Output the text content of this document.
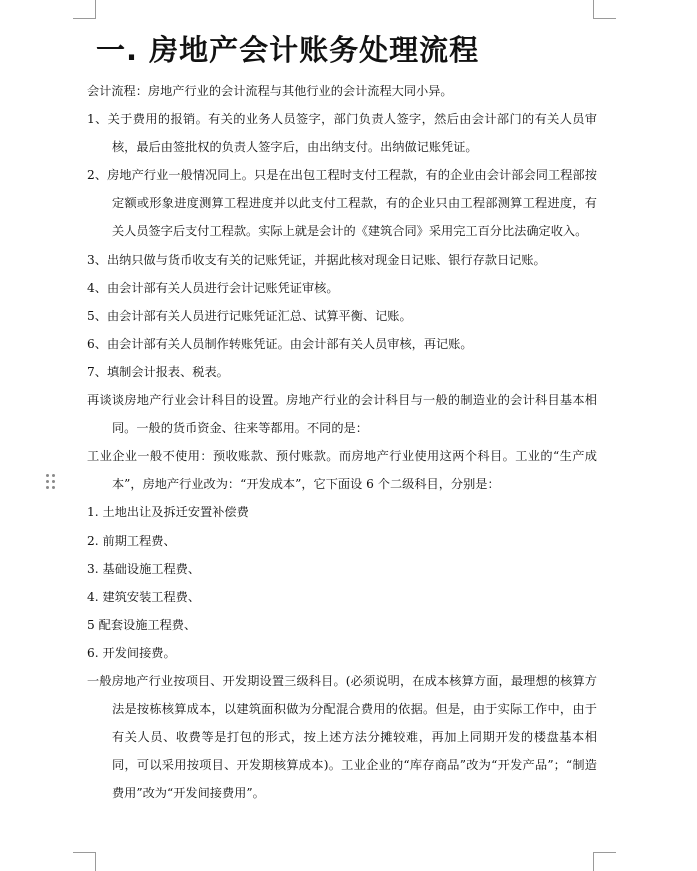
一. 房地产会计账务处理流程

会计流程：房地产行业的会计流程与其他行业的会计流程大同小异。

1、关于费用的报销。有关的业务人员签字，部门负责人签字，然后由会计部门的有关人员审核，最后由签批权的负责人签字后，由出纳支付。出纳做记账凭证。

2、房地产行业一般情况同上。只是在出包工程时支付工程款，有的企业由会计部会同工程部按定额或形象进度测算工程进度并以此支付工程款，有的企业只由工程部测算工程进度，有关人员签字后支付工程款。实际上就是会计的《建筑合同》采用完工百分比法确定收入。

3、出纳只做与货币收支有关的记账凭证，并据此核对现金日记账、银行存款日记账。

4、由会计部有关人员进行会计记账凭证审核。

5、由会计部有关人员进行记账凭证汇总、试算平衡、记账。

6、由会计部有关人员制作转账凭证。由会计部有关人员审核，再记账。

7、填制会计报表、税表。

再谈谈房地产行业会计科目的设置。房地产行业的会计科目与一般的制造业的会计科目基本相同。一般的货币资金、往来等都用。不同的是：

工业企业一般不使用：预收账款、预付账款。而房地产行业使用这两个科目。工业的“生产成本”，房地产行业改为：“开发成本”，它下面设 6 个二级科目，分别是：

1. 土地出让及拆迁安置补偿费

2. 前期工程费、

3. 基础设施工程费、

4. 建筑安装工程费、

5 配套设施工程费、

6. 开发间接费。

一般房地产行业按项目、开发期设置三级科目。(必须说明，在成本核算方面，最理想的核算方法是按栋核算成本，以建筑面积做为分配混合费用的依据。但是，由于实际工作中，由于有关人员、收费等是打包的形式，按上述方法分摊较难，再加上同期开发的楼盘基本相同，可以采用按项目、开发期核算成本)。工业企业的“库存商品”改为“开发产品”；“制造费用”改为“开发间接费用”。
